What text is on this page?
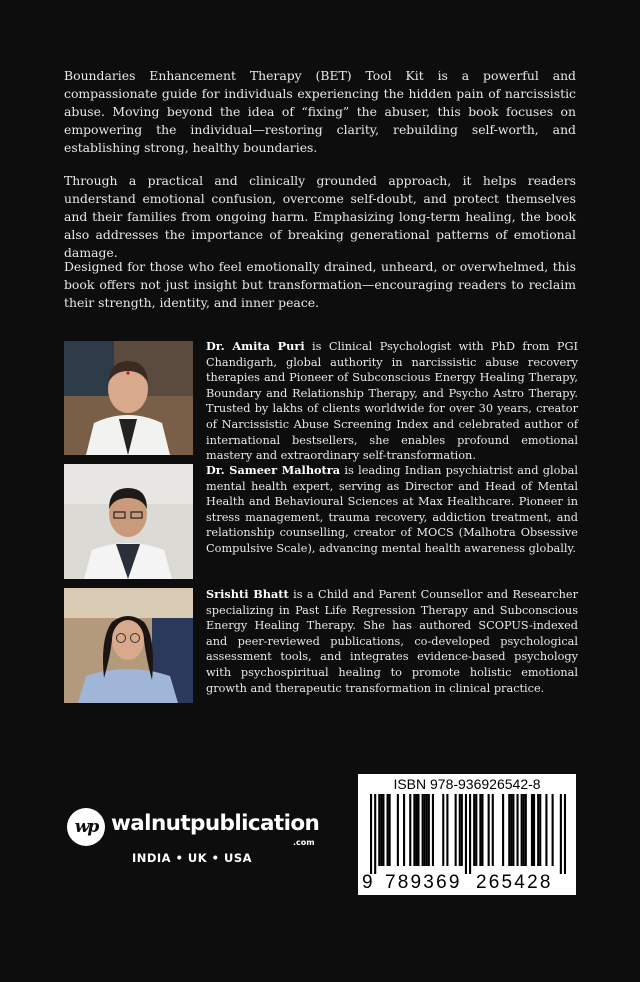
Boundaries Enhancement Therapy (BET) Tool Kit is a powerful and compassionate guide for individuals experiencing the hidden pain of narcissistic abuse. Moving beyond the idea of “fixing” the abuser, this book focuses on empowering the individual—restoring clarity, rebuilding self-worth, and establishing strong, healthy boundaries.

Through a practical and clinically grounded approach, it helps readers understand emotional confusion, overcome self-doubt, and protect themselves and their families from ongoing harm. Emphasizing long-term healing, the book also addresses the importance of breaking generational patterns of emotional damage.

Designed for those who feel emotionally drained, unheard, or overwhelmed, this book offers not just insight but transformation—encouraging readers to reclaim their strength, identity, and inner peace.

Dr. Amita Puri is Clinical Psychologist with PhD from PGI Chandigarh, global authority in narcissistic abuse recovery therapies and Pioneer of Subconscious Energy Healing Therapy, Boundary and Relationship Therapy, and Psycho Astro Therapy. Trusted by lakhs of clients worldwide for over 30 years, creator of Narcissistic Abuse Screening Index and celebrated author of international bestsellers, she enables profound emotional mastery and extraordinary self-transformation.

Dr. Sameer Malhotra is leading Indian psychiatrist and global mental health expert, serving as Director and Head of Mental Health and Behavioural Sciences at Max Healthcare. Pioneer in stress management, trauma recovery, addiction treatment, and relationship counselling, creator of MOCS (Malhotra Obsessive Compulsive Scale), advancing mental health awareness globally.

Srishti Bhatt is a Child and Parent Counsellor and Researcher specializing in Past Life Regression Therapy and Subconscious Energy Healing Therapy. She has authored SCOPUS-indexed and peer-reviewed publications, co-developed psychological assessment tools, and integrates evidence-based psychology with psychospiritual healing to promote holistic emotional growth and therapeutic transformation in clinical practice.

wp walnutpublication
.com
INDIA • UK • USA
ISBN 978-936926542-8

9

789369

265428
